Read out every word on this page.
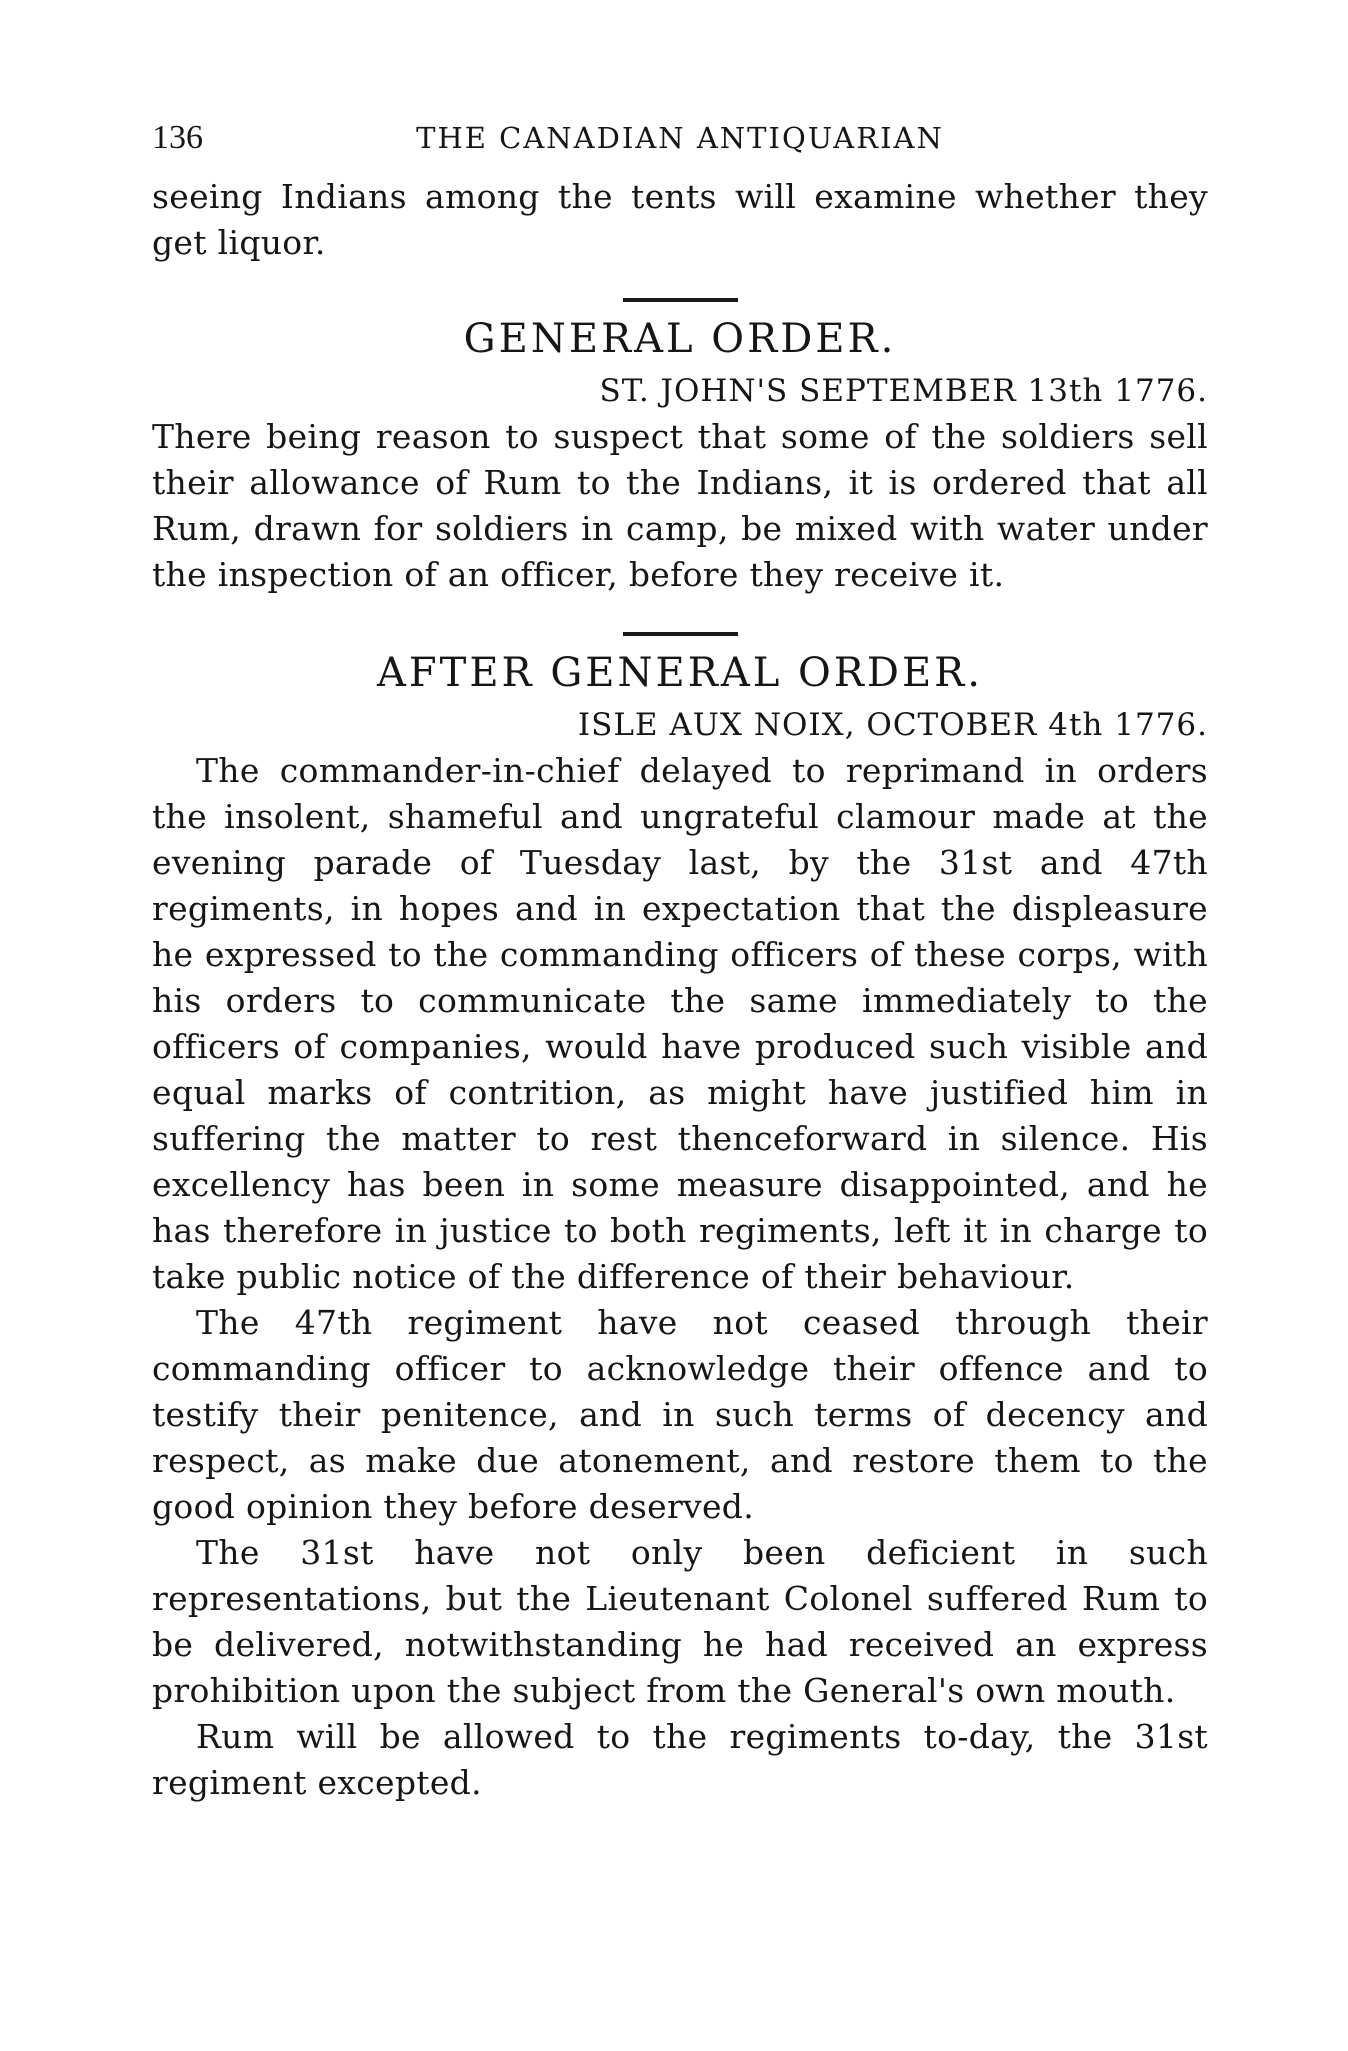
136	THE CANADIAN ANTIQUARIAN

seeing Indians among the tents will examine whether they get liquor.

GENERAL ORDER.

ST. JOHN'S SEPTEMBER 13th 1776.

There being reason to suspect that some of the soldiers sell their allowance of Rum to the Indians, it is ordered that all Rum, drawn for soldiers in camp, be mixed with water under the inspection of an officer, before they receive it.

AFTER GENERAL ORDER.

ISLE AUX NOIX, OCTOBER 4th 1776.

The commander-in-chief delayed to reprimand in orders the insolent, shameful and ungrateful clamour made at the evening parade of Tuesday last, by the 31st and 47th regiments, in hopes and in expectation that the displeasure he expressed to the commanding officers of these corps, with his orders to communicate the same immediately to the officers of companies, would have produced such visible and equal marks of contrition, as might have justified him in suffering the matter to rest thenceforward in silence. His excellency has been in some measure disappointed, and he has therefore in justice to both regiments, left it in charge to take public notice of the difference of their behaviour.

The 47th regiment have not ceased through their commanding officer to acknowledge their offence and to testify their penitence, and in such terms of decency and respect, as make due atonement, and restore them to the good opinion they before deserved.

The 31st have not only been deficient in such representations, but the Lieutenant Colonel suffered Rum to be delivered, notwithstanding he had received an express prohibition upon the subject from the General's own mouth.

Rum will be allowed to the regiments to-day, the 31st regiment excepted.
